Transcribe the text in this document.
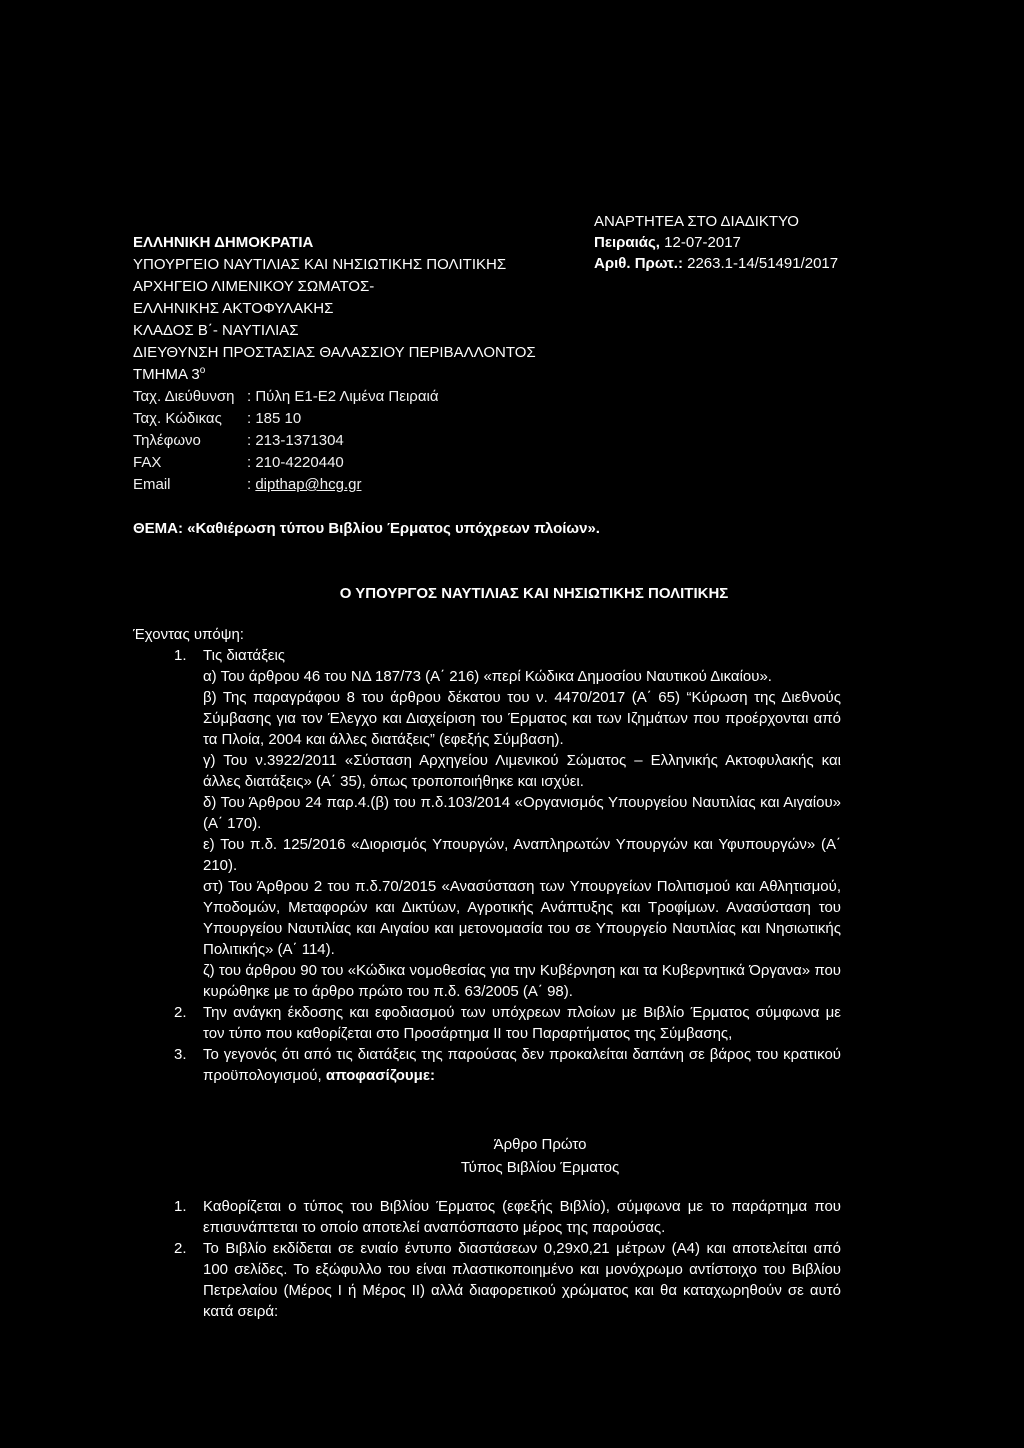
ΕΛΛΗΝΙΚΗ ΔΗΜΟΚΡΑΤΙΑ
ΥΠΟΥΡΓΕΙΟ ΝΑΥΤΙΛΙΑΣ ΚΑΙ ΝΗΣΙΩΤΙΚΗΣ ΠΟΛΙΤΙΚΗΣ
ΑΡΧΗΓΕΙΟ ΛΙΜΕΝΙΚΟΥ ΣΩΜΑΤΟΣ-
ΕΛΛΗΝΙΚΗΣ ΑΚΤΟΦΥΛΑΚΗΣ
ΚΛΑΔΟΣ Β΄- ΝΑΥΤΙΛΙΑΣ
ΔΙΕΥΘΥΝΣΗ ΠΡΟΣΤΑΣΙΑΣ ΘΑΛΑΣΣΙΟΥ ΠΕΡΙΒΑΛΛΟΝΤΟΣ
ΤΜΗΜΑ $3^o$
Ταχ. Διεύθυνση : Πύλη Ε1-Ε2 Λιμένα Πειραιά
Ταχ. Κώδικας	: 185 10
Τηλέφωνο	: 213-1371304
FAX	: 210-4220440
Email	: dipthap@hcg.gr
ΑΝΑΡΤΗΤΕΑ ΣΤΟ ΔΙΑΔΙΚΤΥΟ
Πειραιάς, 12-07-2017
Αριθ. Πρωτ.: 2263.1-14/51491/2017
ΘΕΜΑ: «Καθιέρωση τύπου Βιβλίου Έρματος υπόχρεων πλοίων».
Ο ΥΠΟΥΡΓΟΣ ΝΑΥΤΙΛΙΑΣ ΚΑΙ ΝΗΣΙΩΤΙΚΗΣ ΠΟΛΙΤΙΚΗΣ

Έχοντας υπόψη:

1. Τις διατάξεις

α) Του άρθρου 46 του ΝΔ 187/73 (Α΄ 216) «περί Κώδικα Δημοσίου Ναυτικού Δικαίου».

β) Της παραγράφου 8 του άρθρου δέκατου του ν. 4470/2017 (Α΄ 65) “Κύρωση της Διεθνούς Σύμβασης για τον Έλεγχο και Διαχείριση του Έρματος και των Ιζημάτων που προέρχονται από τα Πλοία, 2004 και άλλες διατάξεις” (εφεξής Σύμβαση).

γ) Του ν.3922/2011 «Σύσταση Αρχηγείου Λιμενικού Σώματος – Ελληνικής Ακτοφυλακής και άλλες διατάξεις» (Α΄ 35), όπως τροποποιήθηκε και ισχύει.

δ) Του Άρθρου 24 παρ.4.(β) του π.δ.103/2014 «Οργανισμός Υπουργείου Ναυτιλίας και Αιγαίου» (Α΄ 170).

ε) Του π.δ. 125/2016 «Διορισμός Υπουργών, Αναπληρωτών Υπουργών και Υφυπουργών» (Α΄ 210).

στ) Του Άρθρου 2 του π.δ.70/2015 «Ανασύσταση των Υπουργείων Πολιτισμού και Αθλητισμού, Υποδομών, Μεταφορών και Δικτύων, Αγροτικής Ανάπτυξης και Τροφίμων. Ανασύσταση του Υπουργείου Ναυτιλίας και Αιγαίου και μετονομασία του σε Υπουργείο Ναυτιλίας και Νησιωτικής Πολιτικής» (Α΄ 114).

ζ) του άρθρου 90 του «Κώδικα νομοθεσίας για την Κυβέρνηση και τα Κυβερνητικά Όργανα» που κυρώθηκε με το άρθρο πρώτο του π.δ. 63/2005 (Α΄ 98).

2. Την ανάγκη έκδοσης και εφοδιασμού των υπόχρεων πλοίων με Βιβλίο Έρματος σύμφωνα με τον τύπο που καθορίζεται στο Προσάρτημα ΙΙ του Παραρτήματος της Σύμβασης,
3. Το γεγονός ότι από τις διατάξεις της παρούσας δεν προκαλείται δαπάνη σε βάρος του κρατικού προϋπολογισμού, αποφασίζουμε:
Άρθρο Πρώτο
Τύπος Βιβλίου Έρματος
1. Καθορίζεται ο τύπος του Βιβλίου Έρματος (εφεξής Βιβλίο), σύμφωνα με το παράρτημα που επισυνάπτεται το οποίο αποτελεί αναπόσπαστο μέρος της παρούσας.
2. Το Βιβλίο εκδίδεται σε ενιαίο έντυπο διαστάσεων 0,29x0,21 μέτρων (Α4) και αποτελείται από 100 σελίδες. Το εξώφυλλο του είναι πλαστικοποιημένο και μονόχρωμο αντίστοιχο του Βιβλίου Πετρελαίου (Μέρος Ι ή Μέρος ΙΙ) αλλά διαφορετικού χρώματος και θα καταχωρηθούν σε αυτό κατά σειρά:
